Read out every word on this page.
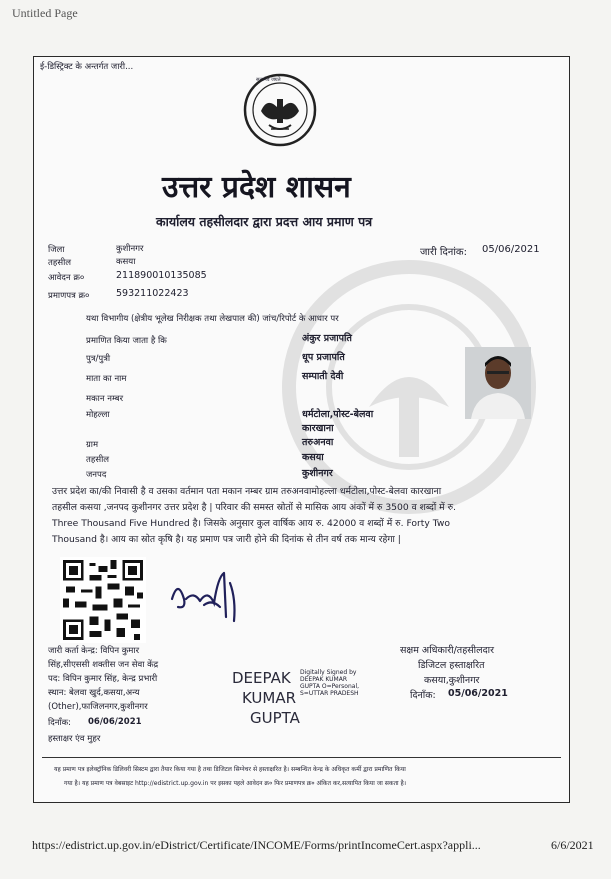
Untitled Page
ई-डिस्ट्रिक्ट के अन्तर्गत जारी...
सत्यमेव जयते
उत्तर प्रदेश शासन
कार्यालय तहसीलदार द्वारा प्रदत्त आय प्रमाण पत्र
जिला	कुशीनगर
तहसील	कसया
आवेदन क्र०	211890010135085
प्रमाणपत्र क्र०	593211022423
जारी दिनांक: 05/06/2021
यथा विभागीय (क्षेत्रीय भूलेख निरीक्षक तथा लेखपाल की) जांच/रिपोर्ट के आधार पर
प्रमाणित किया जाता है कि	अंकुर प्रजापति
पुत्र/पुत्री	धूप प्रजापति
माता का नाम	सम्पाती देवी
मकान नम्बर
मोहल्ला	धर्मटोला,पोस्ट-बेलवा
कारखाना
ग्राम	तरुअनवा
तहसील	कसया
जनपद	कुशीनगर
उत्तर प्रदेश का/की निवासी है व उसका वर्तमान पता मकान नम्बर ग्राम तरुअनवामोहल्ला धर्मटोला,पोस्ट-बेलवा कारखाना
तहसील कसया ,जनपद कुशीनगर उत्तर प्रदेश है | परिवार की समस्त स्रोतों से मासिक आय अंकों में रु 3500 व शब्दों में रु.
Three Thousand Five Hundred है। जिसके अनुसार कुल वार्षिक आय रु. 42000 व शब्दों में रु. Forty Two
Thousand है। आय का स्रोत कृषि है। यह प्रमाण पत्र जारी होने की दिनांक से तीन वर्ष तक मान्य रहेगा |
जारी कर्ता केन्द्र: विपिन कुमार
सिंह,सीएससी शक्तीस जन सेवा केंद्र
पद: विपिन कुमार सिंह, केन्द्र प्रभारी
स्थान: बेलवा खुर्द,कसया,अन्य
(Other),फाजिलनगर,कुशीनगर
दिनाँक: 06/06/2021
हस्ताक्षर एंव मुहर
DEEPAK
KUMAR
GUPTA
Digitally Signed by
DEEPAK KUMAR
GUPTA O=Personal,
S=UTTAR PRADESH
सक्षम अधिकारी/तहसीलदार
डिजिटल हस्ताक्षरित
कसया,कुशीनगर
दिनाँक: 05/06/2021
यह प्रमाण पत्र इलेक्ट्रॉनिक डिलिवरी सिस्टम द्वारा तैयार किया गया है तथा डिजिटल सिग्नेचर से हस्ताक्षरित है। सम्बन्धित केन्द्र के अधिकृत कर्मी द्वारा प्रमाणित किया
गया है। यह प्रमाण पत्र वेबसाइट http://edistrict.up.gov.in पर इसका पहले आवेदन क्र० फिर प्रमाणपत्र क्र० अंकित कर,सत्यापित किया जा सकता है।
https://edistrict.up.gov.in/eDistrict/Certificate/INCOME/Forms/printIncomeCert.aspx?appli...	6/6/2021
